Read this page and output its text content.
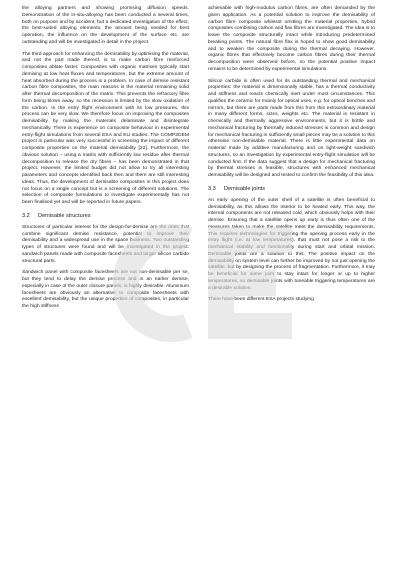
the alloying partners and showing promising diffusion speeds. Demonstration of the in-situ-alloying has been conducted a several times, both on purpose and by accident, but a dedicated investigation of the effect, the best-suited alloying elements, the amount being needed for best operation, the influence on the development of the surface etc. are outstanding and will be investigated in detail in the project.

The third approach for enhancing the demisability by optimising the material, and not the part made thereof, is to make carbon fibre reinforced composites ablate faster. Composites with organic matrixes typically start demising at low heat fluxes and temperatures, but the extreme amount of heat absorbed during the process is a problem. In case of demise resistant carbon fibre composites, the main reasons is the material remaining solid after thermal decomposition of the matrix. This prevents the refractory fibre form being blown away, so the recession is limited by the slow oxidation of the carbon. In the entry flight environment with its low pressures, this process can be very slow. We therefore focus on improving the composites demisability by making the materials delaminate and disintegrate mechanically. There is experience on composite behaviour in experimental entry-flight simulations from several ESA and EU studies. The COMP2DEM project in particular was very successful in screening the impact of different composite properties on the material demisability [22]. Furthermore, the obvious solution – using a matrix with sufficiently low residue after thermal decomposition to release the dry fibres – has been demonstrated in that project. However, the limited budget did not allow to try all interesting parameters and concepts identified back then and there are still interesting ideas. Thus, the development of demisable composites in this project does not focus on a single concept but is a screening of different solutions. The selection of composite formulations to investigate experimentally has not been finalised yet and will be reported in future papers.

3.2 Demisable structures

Structures of particular interest for the design-for-demise are the ones that combine significant demise resistance, potential to improve their demisability and a widespread use in the space business. Two outstanding types of structures were found and will be investigated in the project: sandwich panels made with composite facesheets and larger silicon carbide structural parts.

Sandwich panel with composite facesheets are not non-demisable per se, but they tend to delay the demise process and in an earlier demise, especially in case of the outer closure panels, is highly desirable. Aluminium facesheets are obviously an alternative to composite facesheets with excellent demisability, but the unique properties of composites, in particular the high stiffness

achievable with high-modulus carbon fibres, are often demanded by the given application. As a potential solution to improve the demisability of carbon fibre composite whilesst omitting the material properties, hybrid composites combining carbon and flax fibres are investigated. The idea is to leave the composite structurally intact while introducing predetermined breaking points. The natural fibre flax is hoped to show good demisability and to weaken the composite during the thermal decaying. However, organic fibres that effectively become carbon fibres during their thermal decomposition were observed before, so the potential positive impact remains to be determined by experimental simulations.

Silicon carbide is often used for its outstanding thermal and mechanical properties: the material is dimensionally stable, has a thermal conductivity and stiffness and reacts chemically inert under most circumstances. This qualifies the ceramic for mainly for optical uses, e.g. for optical benches and mirrors, but there are parts made from this from this extraordinary material in many different forms, sizes, weights etc. The material is resistant in chemically and thermally aggressive environments, but it is brittle and mechanical fracturing by thermally induced stresses is common and design for mechanical fracturing in sufficiently small pieces may be a solution to this otherwise non-demisable material. There is little experimental data on material made by additive manufacturing and on light-weight sandwich structures, so an investigation by experimental entry-flight simulation will be conducted first. If the data suggest that a design for mechanical fracturing by thermal stresses is feasible, structures with enhanced mechanical demisability will be designed and tested to confirm the feasibility of this idea.

3.3 Demisable joints

An early opening of the outer shell of a satellite is often beneficial to demisability, as this allows the interior to be heated early. This way, the internal components are not released cold, which obviously helps with their demise. Ensuring that a satellite opens up early is thus often one of the measures taken to make the satellite meet the demisability requirements. This requires technologies for triggering the opening process early in the entry flight (i.e. at low temperatures), that must not pose a risk to the mechanical stability and functionality during start and orbital mission. Demisable joints are a solution to this. The positive impact on the demisability on system level can further be improved by not just opening the satellite, but by designing the process of fragmentation. Furthermore, it may be beneficial for some joint to stay intact for longer or up to higher temperatures, so demisable joints with tuneable triggering temperatures are a desirable solution.

There have been different ESA projects studying
